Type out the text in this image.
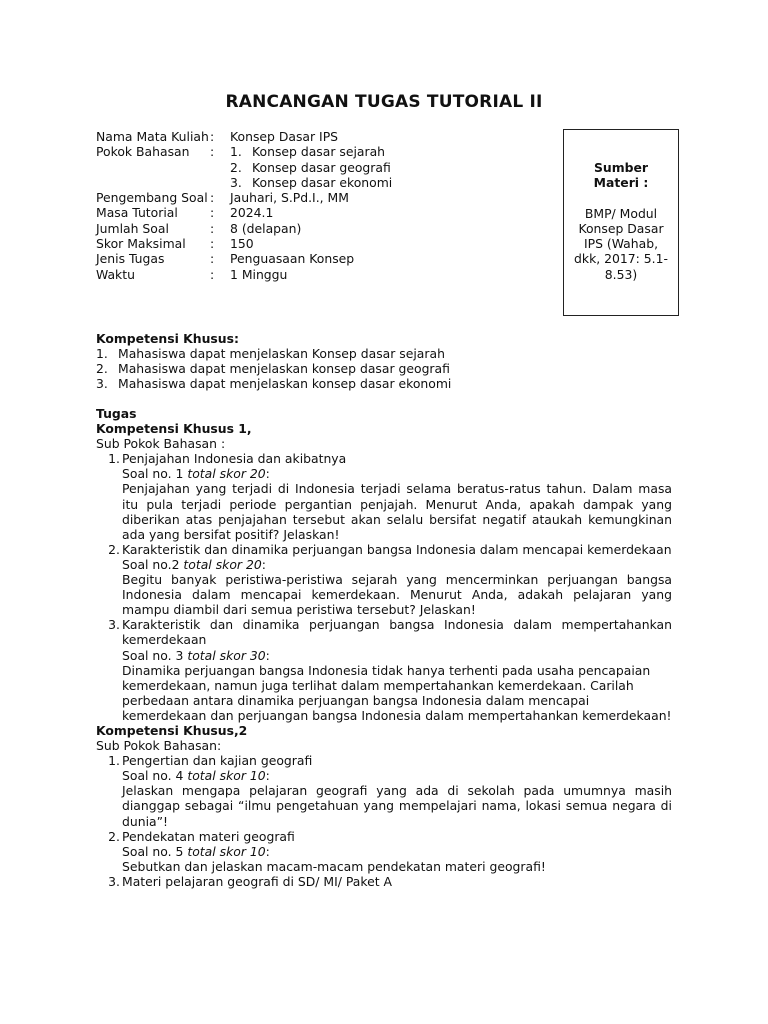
RANCANGAN TUGAS TUTORIAL II
Nama Mata Kuliah :	Konsep Dasar IPS
Pokok Bahasan	:	1. Konsep dasar sejarah
2. Konsep dasar geografi
3. Konsep dasar ekonomi
Pengembang Soal :	Jauhari, S.Pd.I., MM
Masa Tutorial	:	2024.1
Jumlah Soal	:	8 (delapan)
Skor Maksimal	:	150
Jenis Tugas	:	Penguasaan Konsep
Waktu	:	1 Minggu
Sumber Materi :
BMP/ Modul Konsep Dasar IPS (Wahab, dkk, 2017: 5.1-8.53)
Kompetensi Khusus:
1. Mahasiswa dapat menjelaskan Konsep dasar sejarah
2. Mahasiswa dapat menjelaskan konsep dasar geografi
3. Mahasiswa dapat menjelaskan konsep dasar ekonomi
Tugas
Kompetensi Khusus 1,
Sub Pokok Bahasan :
1. Penjajahan Indonesia dan akibatnya
Soal no. 1 total skor 20:
Penjajahan yang terjadi di Indonesia terjadi selama beratus-ratus tahun. Dalam masa itu pula terjadi periode pergantian penjajah. Menurut Anda, apakah dampak yang diberikan atas penjajahan tersebut akan selalu bersifat negatif ataukah kemungkinan ada yang bersifat positif? Jelaskan!
2. Karakteristik dan dinamika perjuangan bangsa Indonesia dalam mencapai kemerdekaan
Soal no.2 total skor 20:
Begitu banyak peristiwa-peristiwa sejarah yang mencerminkan perjuangan bangsa Indonesia dalam mencapai kemerdekaan. Menurut Anda, adakah pelajaran yang mampu diambil dari semua peristiwa tersebut? Jelaskan!
3. Karakteristik dan dinamika perjuangan bangsa Indonesia dalam mempertahankan kemerdekaan
Soal no. 3 total skor 30:
Dinamika perjuangan bangsa Indonesia tidak hanya terhenti pada usaha pencapaian kemerdekaan, namun juga terlihat dalam mempertahankan kemerdekaan. Carilah perbedaan antara dinamika perjuangan bangsa Indonesia dalam mencapai kemerdekaan dan perjuangan bangsa Indonesia dalam mempertahankan kemerdekaan!
Kompetensi Khusus,2
Sub Pokok Bahasan:
1. Pengertian dan kajian geografi
Soal no. 4 total skor 10:
Jelaskan mengapa pelajaran geografi yang ada di sekolah pada umumnya masih dianggap sebagai “ilmu pengetahuan yang mempelajari nama, lokasi semua negara di dunia”!
2. Pendekatan materi geografi
Soal no. 5 total skor 10:
Sebutkan dan jelaskan macam-macam pendekatan materi geografi!
3. Materi pelajaran geografi di SD/ MI/ Paket A
